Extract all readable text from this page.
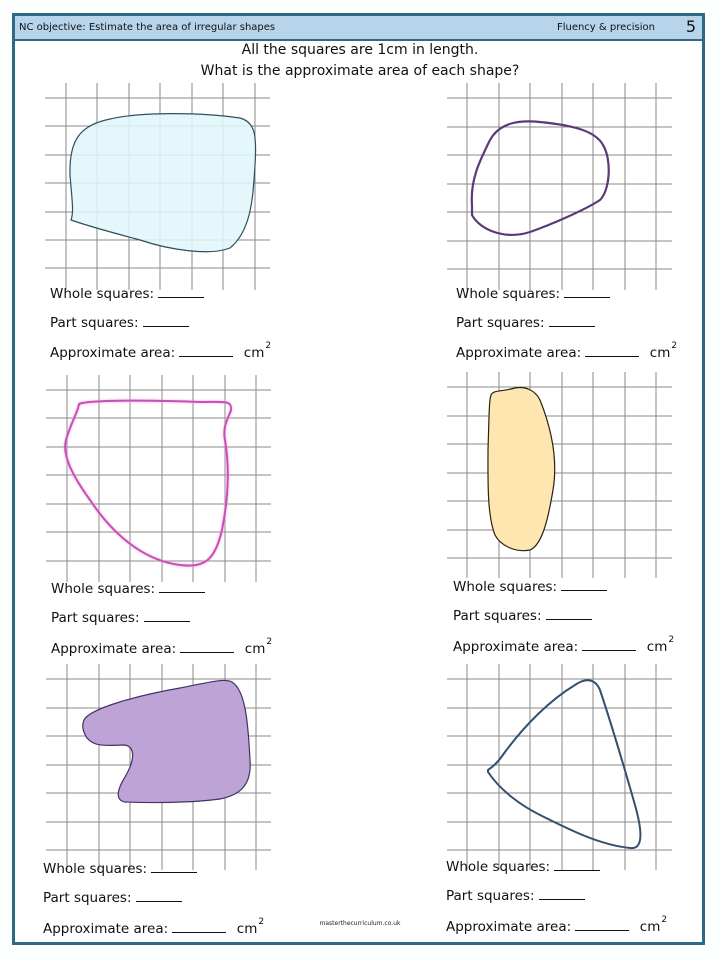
NC objective: Estimate the area of irregular shapes	Fluency & precision 5
All the squares are 1cm in length.
What is the approximate area of each shape?
Whole squares:
Part squares:
Approximate area:	$cm^2$
Whole squares:
Part squares:
Approximate area:	$cm^2$
Whole squares:
Part squares:
Approximate area:	$cm^2$
Whole squares:
Part squares:
Approximate area:	$cm^2$
Whole squares:
Part squares:
Approximate area:	$cm^2$
Whole squares:
Part squares:
Approximate area:	$cm^2$
masterthecurriculum.co.uk
